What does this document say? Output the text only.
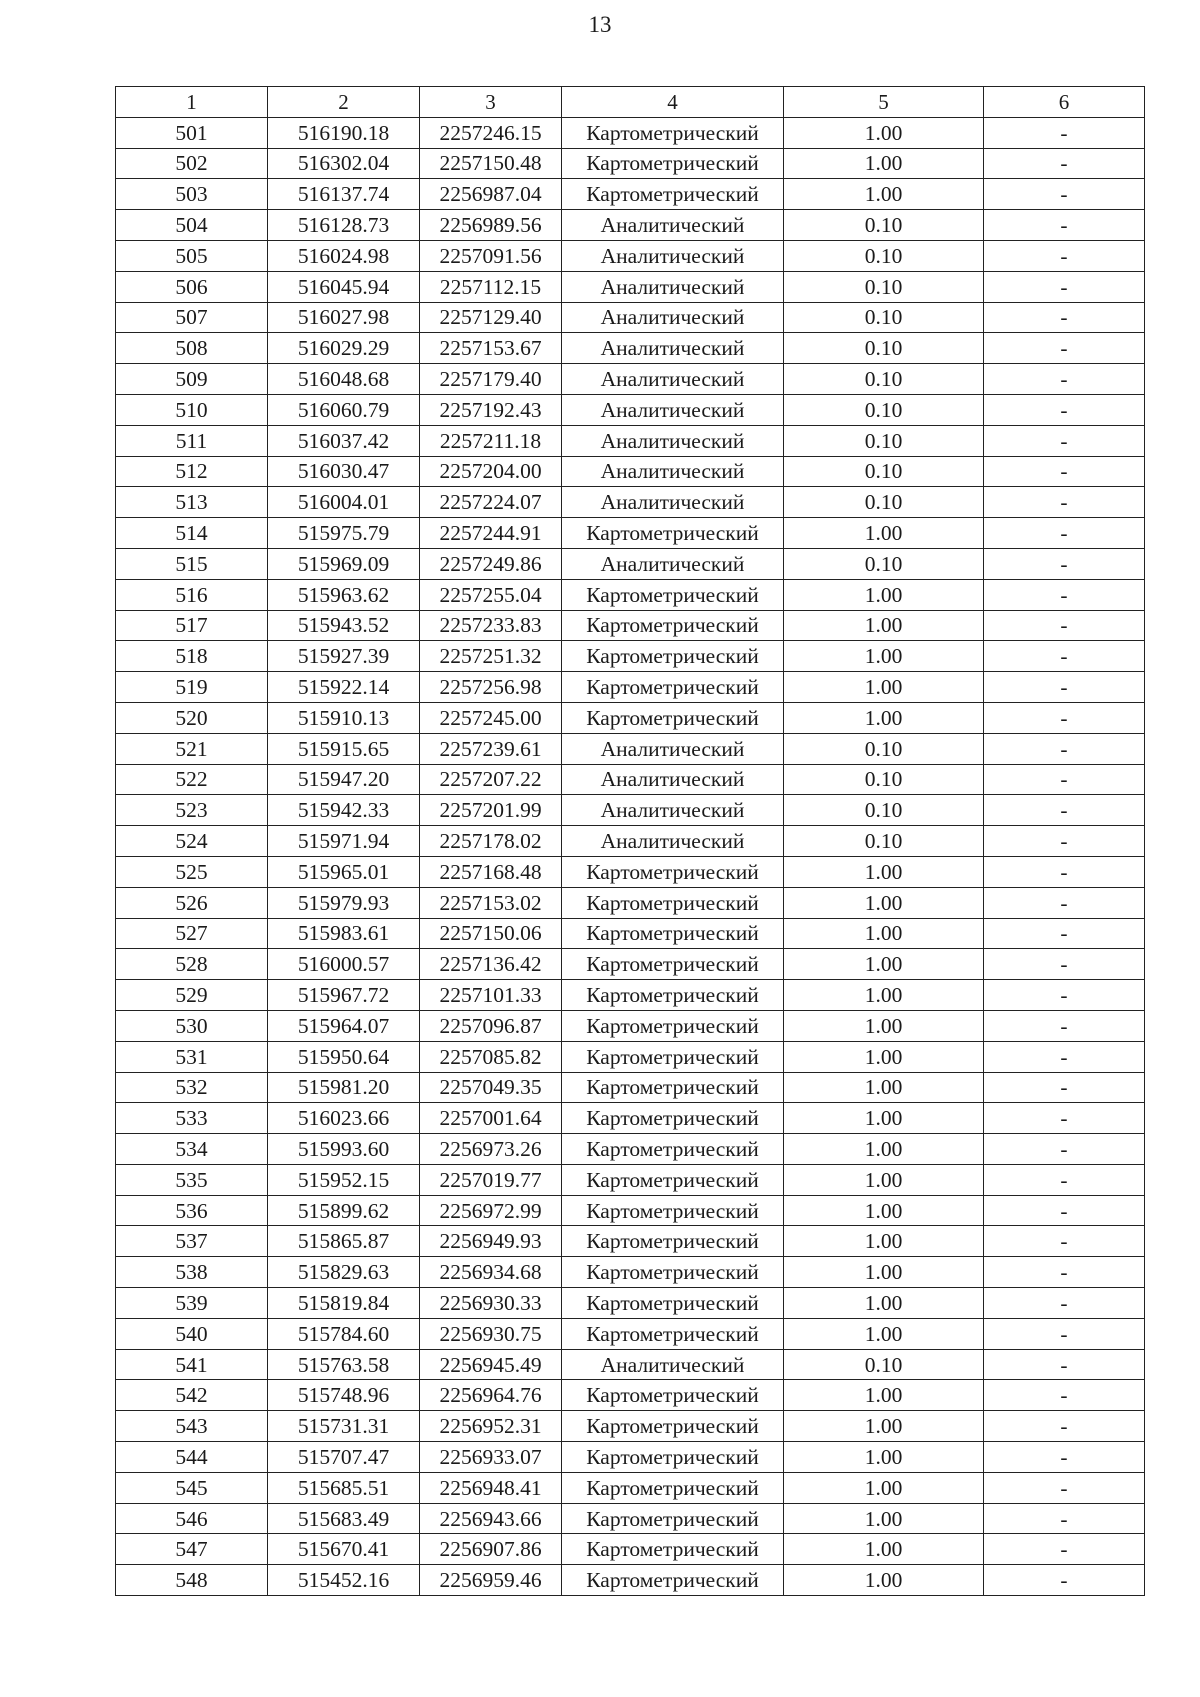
13
1	2	3	4	5	6
501	516190.18	2257246.15	Картометрический	1.00	-
502	516302.04	2257150.48	Картометрический	1.00	-
503	516137.74	2256987.04	Картометрический	1.00	-
504	516128.73	2256989.56	Аналитический	0.10	-
505	516024.98	2257091.56	Аналитический	0.10	-
506	516045.94	2257112.15	Аналитический	0.10	-
507	516027.98	2257129.40	Аналитический	0.10	-
508	516029.29	2257153.67	Аналитический	0.10	-
509	516048.68	2257179.40	Аналитический	0.10	-
510	516060.79	2257192.43	Аналитический	0.10	-
511	516037.42	2257211.18	Аналитический	0.10	-
512	516030.47	2257204.00	Аналитический	0.10	-
513	516004.01	2257224.07	Аналитический	0.10	-
514	515975.79	2257244.91	Картометрический	1.00	-
515	515969.09	2257249.86	Аналитический	0.10	-
516	515963.62	2257255.04	Картометрический	1.00	-
517	515943.52	2257233.83	Картометрический	1.00	-
518	515927.39	2257251.32	Картометрический	1.00	-
519	515922.14	2257256.98	Картометрический	1.00	-
520	515910.13	2257245.00	Картометрический	1.00	-
521	515915.65	2257239.61	Аналитический	0.10	-
522	515947.20	2257207.22	Аналитический	0.10	-
523	515942.33	2257201.99	Аналитический	0.10	-
524	515971.94	2257178.02	Аналитический	0.10	-
525	515965.01	2257168.48	Картометрический	1.00	-
526	515979.93	2257153.02	Картометрический	1.00	-
527	515983.61	2257150.06	Картометрический	1.00	-
528	516000.57	2257136.42	Картометрический	1.00	-
529	515967.72	2257101.33	Картометрический	1.00	-
530	515964.07	2257096.87	Картометрический	1.00	-
531	515950.64	2257085.82	Картометрический	1.00	-
532	515981.20	2257049.35	Картометрический	1.00	-
533	516023.66	2257001.64	Картометрический	1.00	-
534	515993.60	2256973.26	Картометрический	1.00	-
535	515952.15	2257019.77	Картометрический	1.00	-
536	515899.62	2256972.99	Картометрический	1.00	-
537	515865.87	2256949.93	Картометрический	1.00	-
538	515829.63	2256934.68	Картометрический	1.00	-
539	515819.84	2256930.33	Картометрический	1.00	-
540	515784.60	2256930.75	Картометрический	1.00	-
541	515763.58	2256945.49	Аналитический	0.10	-
542	515748.96	2256964.76	Картометрический	1.00	-
543	515731.31	2256952.31	Картометрический	1.00	-
544	515707.47	2256933.07	Картометрический	1.00	-
545	515685.51	2256948.41	Картометрический	1.00	-
546	515683.49	2256943.66	Картометрический	1.00	-
547	515670.41	2256907.86	Картометрический	1.00	-
548	515452.16	2256959.46	Картометрический	1.00	-
